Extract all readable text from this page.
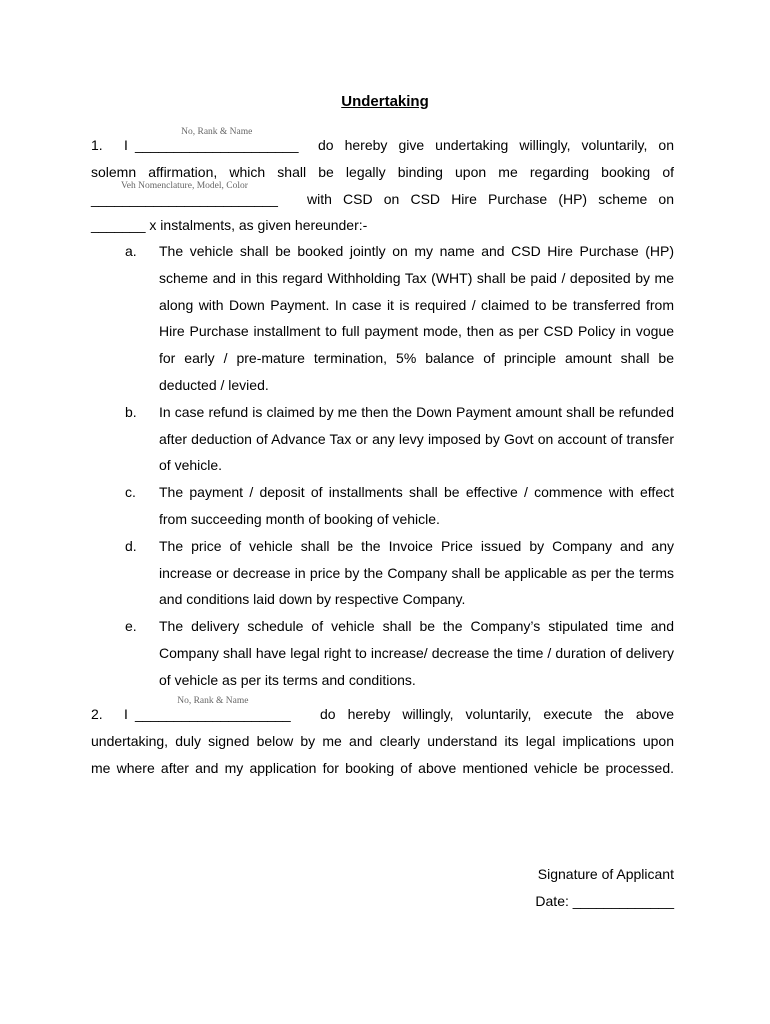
Undertaking
1. I
No, Rank & Name
_____________________ do hereby give undertaking willingly, voluntarily, on
solemn affirmation, which shall be legally binding upon me regarding booking of
Veh Nomenclature, Model, Color
________________________ with CSD on CSD Hire Purchase (HP) scheme on
_______ x instalments, as given hereunder:-
a. The vehicle shall be booked jointly on my name and CSD Hire Purchase (HP) scheme and in this regard Withholding Tax (WHT) shall be paid / deposited by me along with Down Payment. In case it is required / claimed to be transferred from Hire Purchase installment to full payment mode, then as per CSD Policy in vogue for early / pre-mature termination, 5% balance of principle amount shall be deducted / levied.
b. In case refund is claimed by me then the Down Payment amount shall be refunded after deduction of Advance Tax or any levy imposed by Govt on account of transfer of vehicle.
c. The payment / deposit of installments shall be effective / commence with effect from succeeding month of booking of vehicle.
d. The price of vehicle shall be the Invoice Price issued by Company and any increase or decrease in price by the Company shall be applicable as per the terms and conditions laid down by respective Company.
e. The delivery schedule of vehicle shall be the Company’s stipulated time and Company shall have legal right to increase/ decrease the time / duration of delivery of vehicle as per its terms and conditions.
2. I
No, Rank & Name
____________________ do hereby willingly, voluntarily, execute the above
undertaking, duly signed below by me and clearly understand its legal implications upon
me where after and my application for booking of above mentioned vehicle be processed.
Signature of Applicant
Date: _____________
